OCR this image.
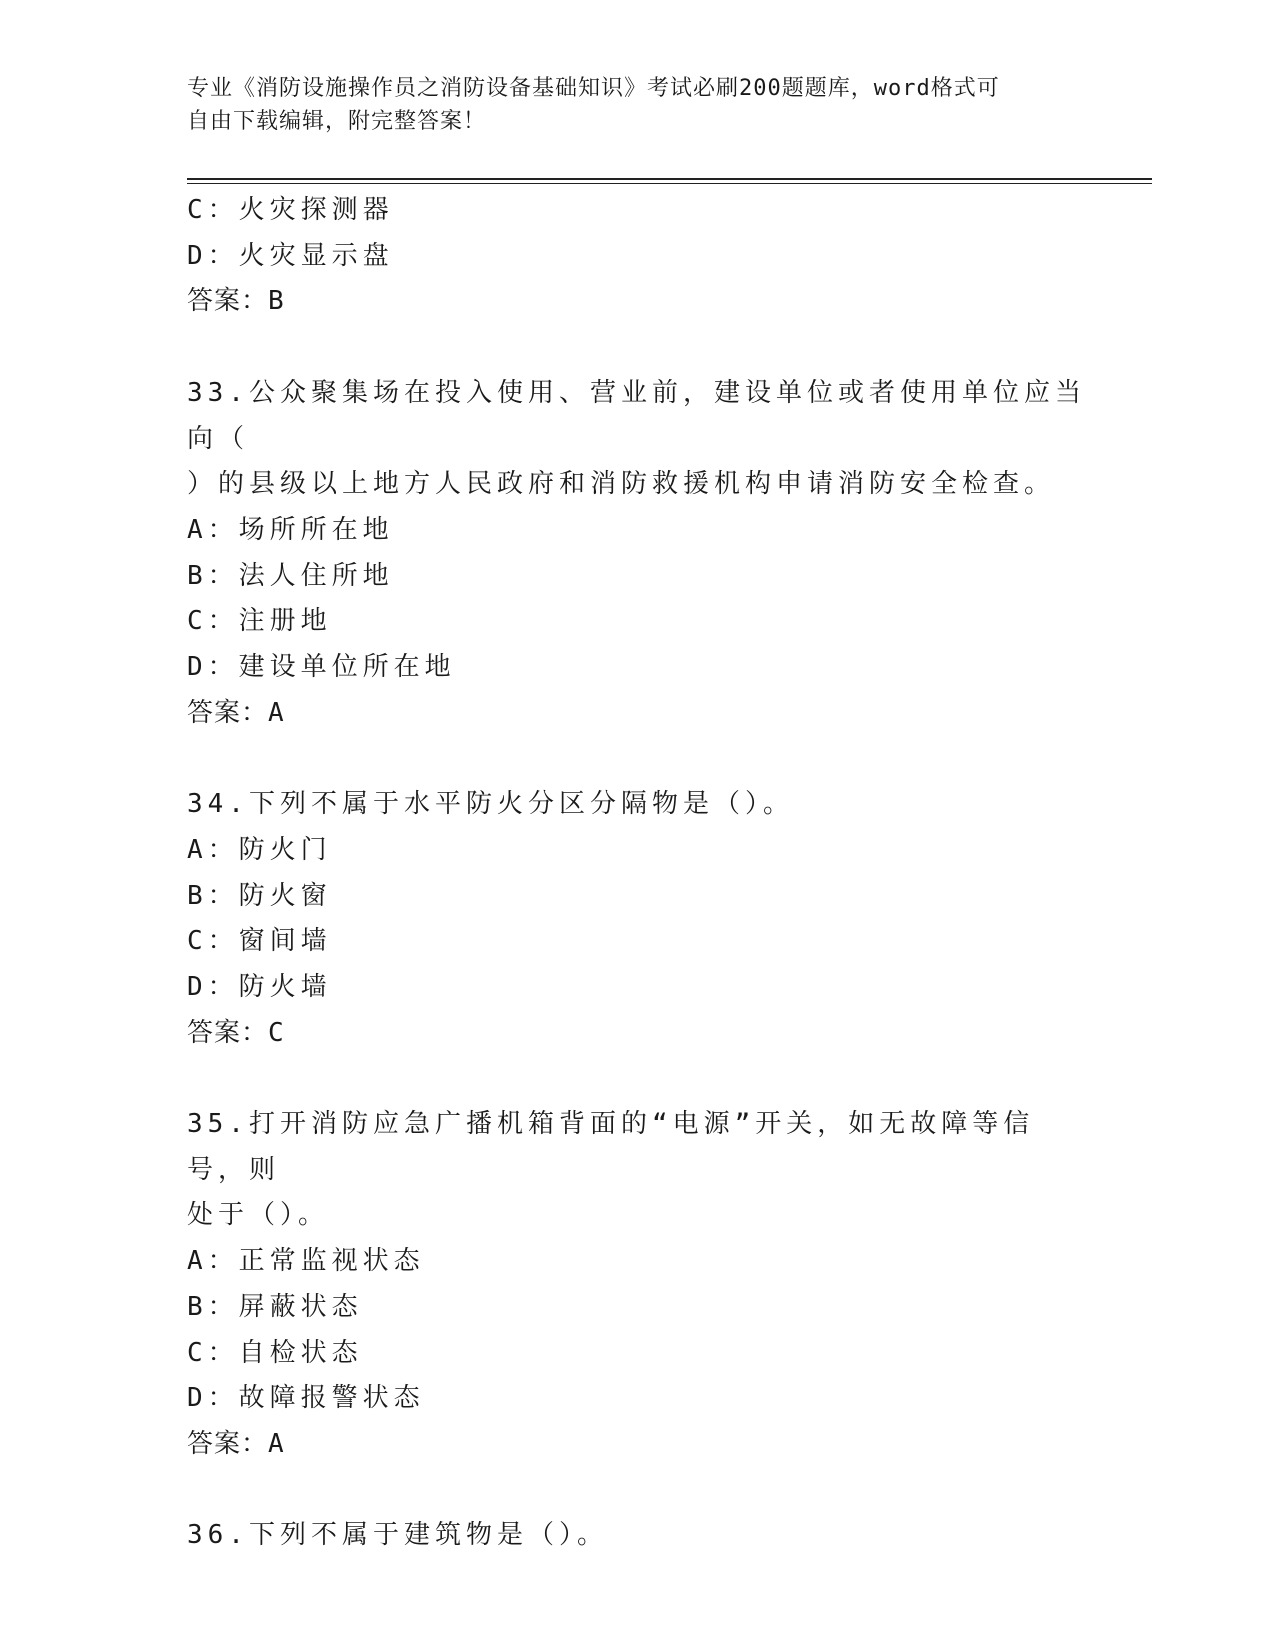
专业《消防设施操作员之消防设备基础知识》考试必刷200题题库，word格式可
自由下载编辑，附完整答案！

C：火灾探测器

D：火灾显示盘

答案：B

33.公众聚集场在投入使用、营业前，建设单位或者使用单位应当向（

）的县级以上地方人民政府和消防救援机构申请消防安全检查。

A：场所所在地

B：法人住所地

C：注册地

D：建设单位所在地

答案：A

34.下列不属于水平防火分区分隔物是（）。

A：防火门

B：防火窗

C：窗间墙

D：防火墙

答案：C

35.打开消防应急广播机箱背面的“电源”开关，如无故障等信号，则

处于（）。

A：正常监视状态

B：屏蔽状态

C：自检状态

D：故障报警状态

答案：A

36.下列不属于建筑物是（）。
